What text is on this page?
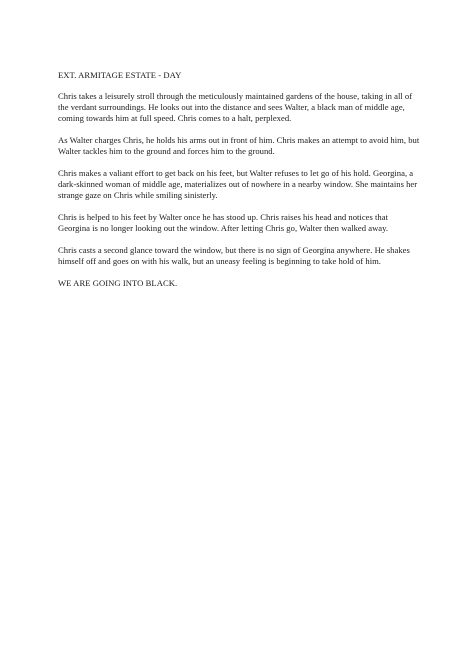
EXT. ARMITAGE ESTATE - DAY

Chris takes a leisurely stroll through the meticulously maintained gardens of the house, taking in all of the verdant surroundings. He looks out into the distance and sees Walter, a black man of middle age, coming towards him at full speed. Chris comes to a halt, perplexed.

As Walter charges Chris, he holds his arms out in front of him. Chris makes an attempt to avoid him, but Walter tackles him to the ground and forces him to the ground.

Chris makes a valiant effort to get back on his feet, but Walter refuses to let go of his hold. Georgina, a dark-skinned woman of middle age, materializes out of nowhere in a nearby window. She maintains her strange gaze on Chris while smiling sinisterly.

Chris is helped to his feet by Walter once he has stood up. Chris raises his head and notices that Georgina is no longer looking out the window. After letting Chris go, Walter then walked away.

Chris casts a second glance toward the window, but there is no sign of Georgina anywhere. He shakes himself off and goes on with his walk, but an uneasy feeling is beginning to take hold of him.

WE ARE GOING INTO BLACK.
